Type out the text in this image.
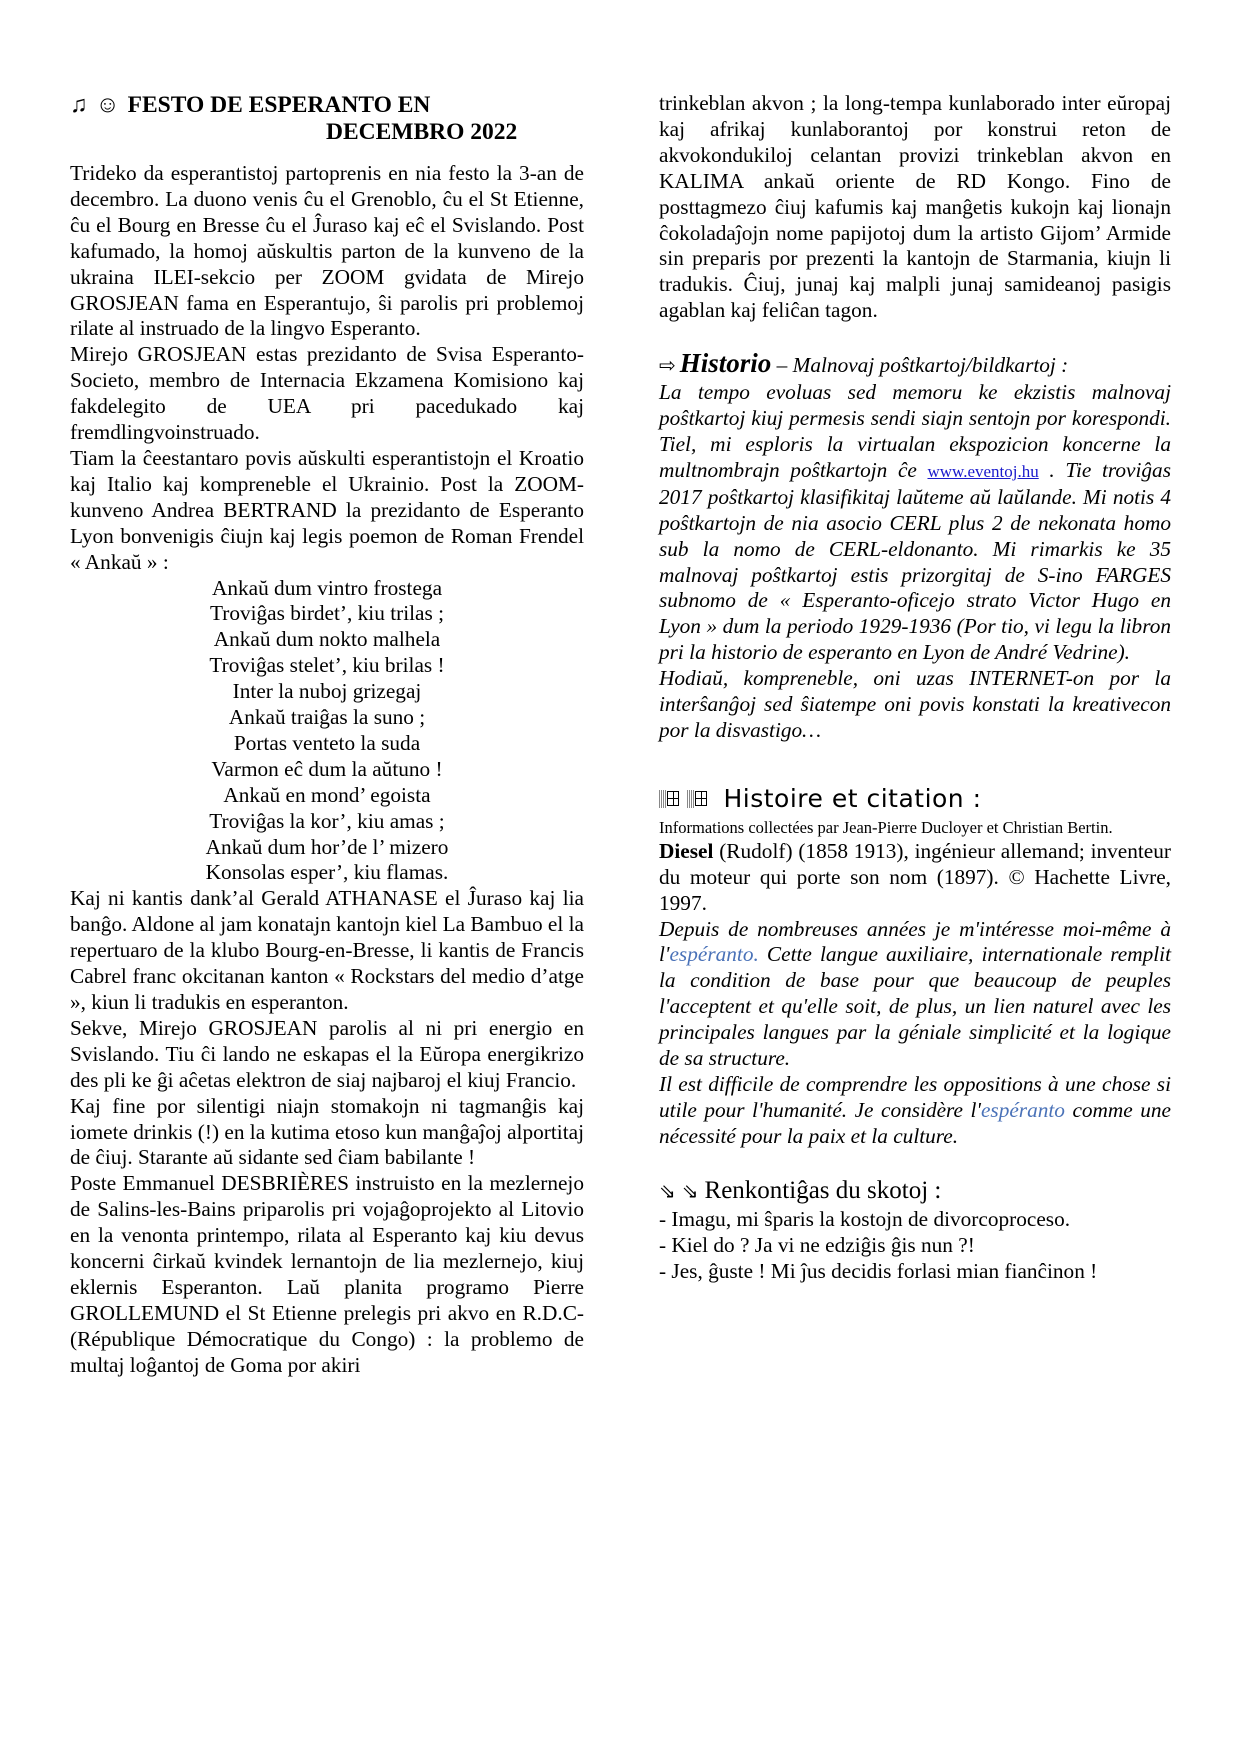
♫ ☺ FESTO DE ESPERANTO EN
DECEMBRO 2022

Trideko da esperantistoj partoprenis en nia festo la 3-an de decembro. La duono venis ĉu el Grenoblo, ĉu el St Etienne, ĉu el Bourg en Bresse ĉu el Ĵuraso kaj eĉ el Svislando. Post kafumado, la homoj aŭskultis parton de la kunveno de la ukraina ILEI-sekcio per ZOOM gvidata de Mirejo GROSJEAN fama en Esperantujo, ŝi parolis pri problemoj rilate al instruado de la lingvo Esperanto.

Mirejo GROSJEAN estas prezidanto de Svisa Esperanto-Societo, membro de Internacia Ekzamena Komisiono kaj fakdelegito de UEA pri pacedukado kaj fremdlingvoinstruado.

Tiam la ĉeestantaro povis aŭskulti esperantistojn el Kroatio kaj Italio kaj kompreneble el Ukrainio. Post la ZOOM-kunveno Andrea BERTRAND la prezidanto de Esperanto Lyon bonvenigis ĉiujn kaj legis poemon de Roman Frendel « Ankaŭ » :

Ankaŭ dum vintro frostega
Troviĝas birdet’, kiu trilas ;
Ankaŭ dum nokto malhela
Troviĝas stelet’, kiu brilas !
Inter la nuboj grizegaj
Ankaŭ traiĝas la suno ;
Portas venteto la suda
Varmon eĉ dum la aŭtuno !
Ankaŭ en mond’ egoista
Troviĝas la kor’, kiu amas ;
Ankaŭ dum hor’de l’ mizero
Konsolas esper’, kiu flamas.

Kaj ni kantis dank’al Gerald ATHANASE el Ĵuraso kaj lia banĝo. Aldone al jam konatajn kantojn kiel La Bambuo el la repertuaro de la klubo Bourg-en-Bresse, li kantis de Francis Cabrel franc okcitanan kanton « Rockstars del medio d’atge », kiun li tradukis en esperanton.

Sekve, Mirejo GROSJEAN parolis al ni pri energio en Svislando. Tiu ĉi lando ne eskapas el la Eŭropa energikrizo des pli ke ĝi aĉetas elektron de siaj najbaroj el kiuj Francio.

Kaj fine por silentigi niajn stomakojn ni tagmanĝis kaj iomete drinkis (!) en la kutima etoso kun manĝaĵoj alportitaj de ĉiuj. Starante aŭ sidante sed ĉiam babilante !

Poste Emmanuel DESBRIÈRES instruisto en la mezlernejo de Salins-les-Bains priparolis pri vojaĝoprojekto al Litovio en la venonta printempo, rilata al Esperanto kaj kiu devus koncerni ĉirkaŭ kvindek lernantojn de lia mezlernejo, kiuj eklernis Esperanton. Laŭ planita programo Pierre GROLLEMUND el St Etienne prelegis pri akvo en R.D.C-(République Démocratique du Congo) : la problemo de multaj loĝantoj de Goma por akiri

trinkeblan akvon ; la long-tempa kunlaborado inter eŭropaj kaj afrikaj kunlaborantoj por konstrui reton de akvokondukiloj celantan provizi trinkeblan akvon en KALIMA ankaŭ oriente de RD Kongo. Fino de posttagmezo ĉiuj kafumis kaj manĝetis kukojn kaj lionajn ĉokoladaĵojn nome papijotoj dum la artisto Gijom’ Armide sin preparis por prezenti la kantojn de Starmania, kiujn li tradukis. Ĉiuj, junaj kaj malpli junaj samideanoj pasigis agablan kaj feliĉan tagon.

⇨ Historio – Malnovaj poŝtkartoj/bildkartoj :

La tempo evoluas sed memoru ke ekzistis malnovaj poŝtkartoj kiuj permesis sendi siajn sentojn por korespondi. Tiel, mi esploris la virtualan ekspozicion koncerne la multnombrajn poŝtkartojn ĉe www.eventoj.hu . Tie troviĝas 2017 poŝtkartoj klasifikitaj laŭteme aŭ laŭlande. Mi notis 4 poŝtkartojn de nia asocio CERL plus 2 de nekonata homo sub la nomo de CERL-eldonanto. Mi rimarkis ke 35 malnovaj poŝtkartoj estis prizorgitaj de S-ino FARGES subnomo de « Esperanto-oficejo strato Victor Hugo en Lyon » dum la periodo 1929-1936 (Por tio, vi legu la libron pri la historio de esperanto en Lyon de André Vedrine).

Hodiaŭ, kompreneble, oni uzas INTERNET-on por la interŝanĝoj sed ŝiatempe oni povis konstati la kreativecon por la disvastigo…

Histoire et citation :

Informations collectées par Jean-Pierre Ducloyer et Christian Bertin.

Diesel (Rudolf) (1858 1913), ingénieur allemand; inventeur du moteur qui porte son nom (1897). © Hachette Livre, 1997.

Depuis de nombreuses années je m'intéresse moi-même à l'espéranto. Cette langue auxiliaire, internationale remplit la condition de base pour que beaucoup de peuples l'acceptent et qu'elle soit, de plus, un lien naturel avec les principales langues par la géniale simplicité et la logique de sa structure.

Il est difficile de comprendre les oppositions à une chose si utile pour l'humanité. Je considère l'espéranto comme une nécessité pour la paix et la culture.

⇘ ⇘ Renkontiĝas du skotoj :
- Imagu, mi ŝparis la kostojn de divorcoproceso.
- Kiel do ? Ja vi ne edziĝis ĝis nun ?!
- Jes, ĝuste ! Mi ĵus decidis forlasi mian fianĉinon !
